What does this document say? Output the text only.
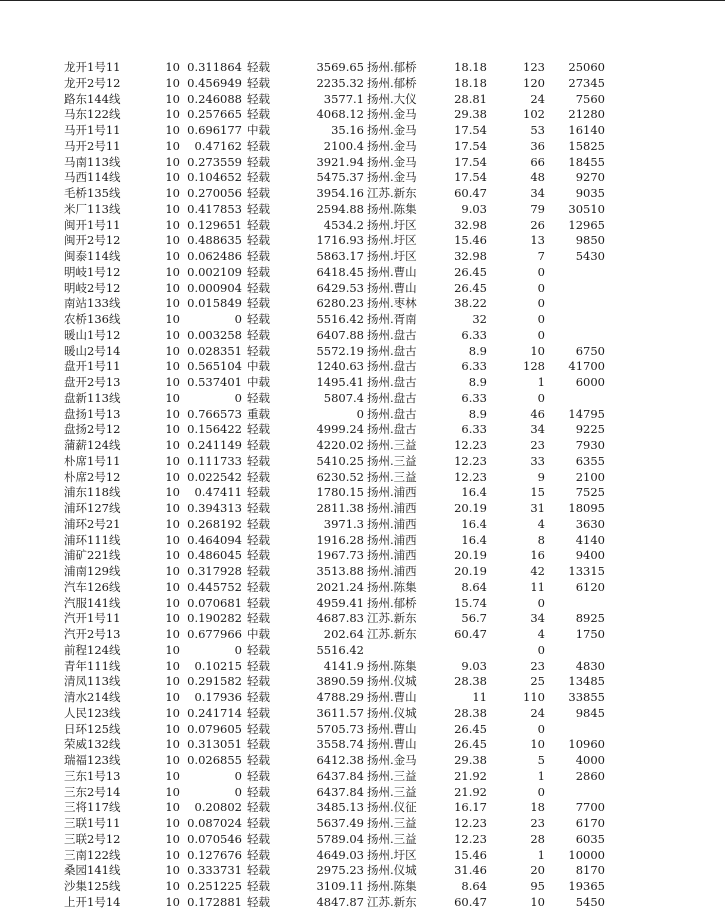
龙开1号11	10 0.311864 轻载	3569.65 扬州.郁桥	18.18	123	25060
龙开2号12	10 0.456949 轻载	2235.32 扬州.郁桥	18.18	120	27345
路东144线	10 0.246088 轻载	3577.1 扬州.大仪	28.81	24	7560
马东122线	10 0.257665 轻载	4068.12 扬州.金马	29.38	102	21280
马开1号11	10 0.696177 中载	35.16 扬州.金马	17.54	53	16140
马开2号11	10	0.47162 轻载	2100.4 扬州.金马	17.54	36	15825
马南113线	10 0.273559 轻载	3921.94 扬州.金马	17.54	66	18455
马西114线	10 0.104652 轻载	5475.37 扬州.金马	17.54	48	9270
毛桥135线	10 0.270056 轻载	3954.16 江苏.新东	60.47	34	9035
米厂113线	10 0.417853 轻载	2594.88 扬州.陈集	9.03	79	30510
闽开1号11	10 0.129651 轻载	4534.2 扬州.圩区	32.98	26	12965
闽开2号12	10 0.488635 轻载	1716.93 扬州.圩区	15.46	13	9850
闽泰114线	10 0.062486 轻载	5863.17 扬州.圩区	32.98	7	5430
明岐1号12	10 0.002109 轻载	6418.45 扬州.曹山	26.45	0
明岐2号12	10 0.000904 轻载	6429.53 扬州.曹山	26.45	0
南站133线	10 0.015849 轻载	6280.23 扬州.枣林	38.22	0
农桥136线	10	0 轻载	5516.42 扬州.胥南	32	0
暖山1号12	10 0.003258 轻载	6407.88 扬州.盘古	6.33	0
暖山2号14	10 0.028351 轻载	5572.19 扬州.盘古	8.9	10	6750
盘开1号11	10 0.565104 中载	1240.63 扬州.盘古	6.33	128	41700
盘开2号13	10 0.537401 中载	1495.41 扬州.盘古	8.9	1	6000
盘新113线	10	0 轻载	5807.4 扬州.盘古	6.33	0
盘扬1号13	10 0.766573 重载	0 扬州.盘古	8.9	46	14795
盘扬2号12	10 0.156422 轻载	4999.24 扬州.盘古	6.33	34	9225
蒲薪124线	10 0.241149 轻载	4220.02 扬州.三益	12.23	23	7930
朴席1号11	10 0.111733 轻载	5410.25 扬州.三益	12.23	33	6355
朴席2号12	10 0.022542 轻载	6230.52 扬州.三益	12.23	9	2100
浦东118线	10	0.47411 轻载	1780.15 扬州.浦西	16.4	15	7525
浦环127线	10 0.394313 轻载	2811.38 扬州.浦西	20.19	31	18095
浦环2号21	10 0.268192 轻载	3971.3 扬州.浦西	16.4	4	3630
浦环111线	10 0.464094 轻载	1916.28 扬州.浦西	16.4	8	4140
浦矿221线	10 0.486045 轻载	1967.73 扬州.浦西	20.19	16	9400
浦南129线	10 0.317928 轻载	3513.88 扬州.浦西	20.19	42	13315
汽车126线	10 0.445752 轻载	2021.24 扬州.陈集	8.64	11	6120
汽服141线	10 0.070681 轻载	4959.41 扬州.郁桥	15.74	0
汽开1号11	10 0.190282 轻载	4687.83 江苏.新东	56.7	34	8925
汽开2号13	10 0.677966 中载	202.64 江苏.新东	60.47	4	1750
前程124线	10	0 轻载	5516.42	0
青年111线	10	0.10215 轻载	4141.9 扬州.陈集	9.03	23	4830
清凤113线	10 0.291582 轻载	3890.59 扬州.仪城	28.38	25	13485
清水214线	10	0.17936 轻载	4788.29 扬州.曹山	11	110	33855
人民123线	10 0.241714 轻载	3611.57 扬州.仪城	28.38	24	9845
日环125线	10 0.079605 轻载	5705.73 扬州.曹山	26.45	0
荣威132线	10 0.313051 轻载	3558.74 扬州.曹山	26.45	10	10960
瑞福123线	10 0.026855 轻载	6412.38 扬州.金马	29.38	5	4000
三东1号13	10	0 轻载	6437.84 扬州.三益	21.92	1	2860
三东2号14	10	0 轻载	6437.84 扬州.三益	21.92	0
三将117线	10	0.20802 轻载	3485.13 扬州.仪征	16.17	18	7700
三联1号11	10 0.087024 轻载	5637.49 扬州.三益	12.23	23	6170
三联2号12	10 0.070546 轻载	5789.04 扬州.三益	12.23	28	6035
三南122线	10 0.127676 轻载	4649.03 扬州.圩区	15.46	1	10000
桑园141线	10 0.333731 轻载	2975.23 扬州.仪城	31.46	20	8170
沙集125线	10 0.251225 轻载	3109.11 扬州.陈集	8.64	95	19365
上开1号14	10 0.172881 轻载	4847.87 江苏.新东	60.47	10	5450
